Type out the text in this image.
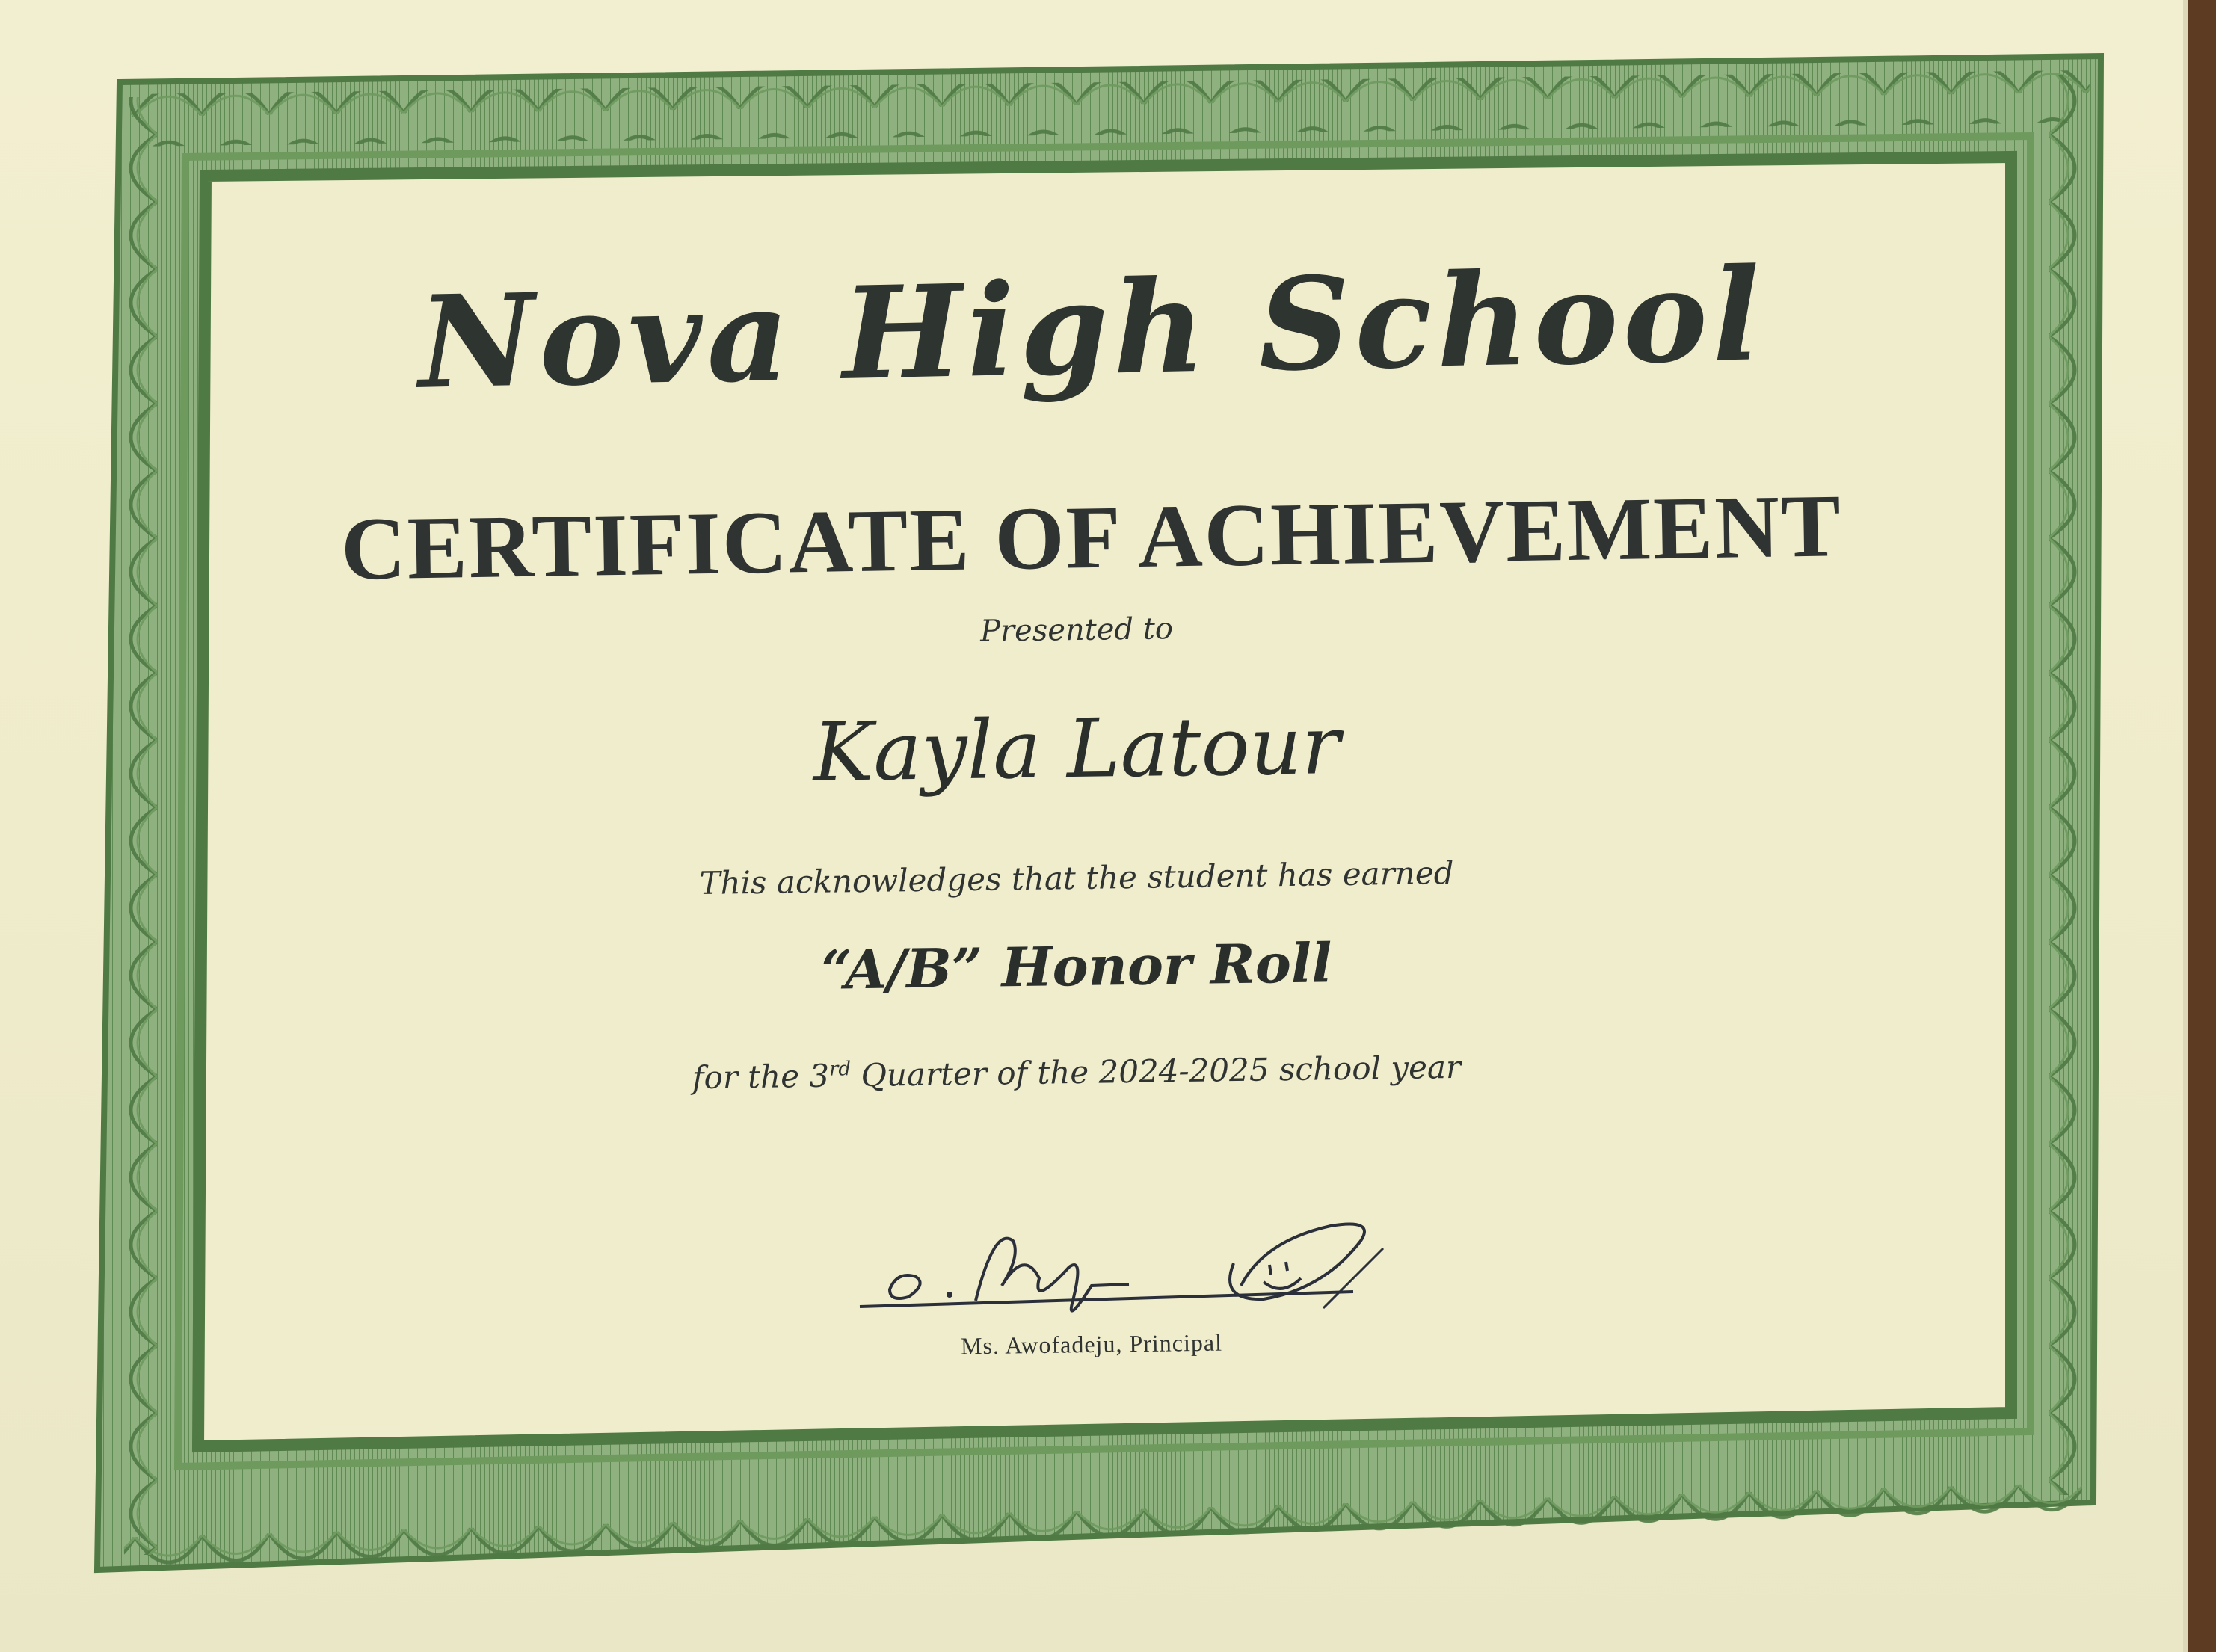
Nova High School
CERTIFICATE OF ACHIEVEMENT
Presented to
Kayla Latour
This acknowledges that the student has earned
“A/B” Honor Roll
for the 3rd Quarter of the 2024-2025 school year
Ms. Awofadeju, Principal
